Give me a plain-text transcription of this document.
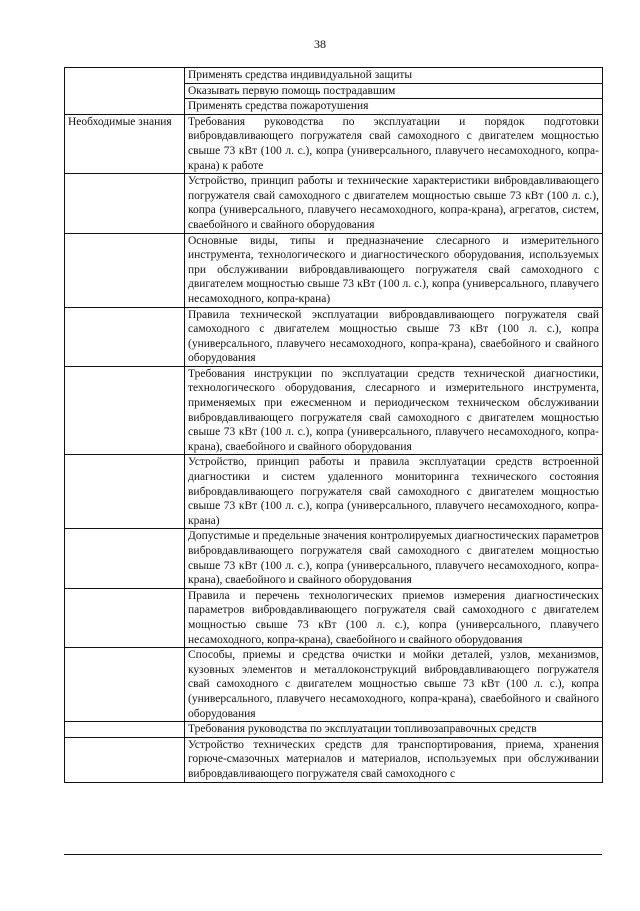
38
	Применять средства индивидуальной защиты
	Оказывать первую помощь пострадавшим
	Применять средства пожаротушения
Необходимые знания	Требования руководства по эксплуатации и порядок подготовки вибровдавливающего погружателя свай самоходного с двигателем мощностью свыше 73 кВт (100 л. с.), копра (универсального, плавучего несамоходного, копра-крана) к работе
	Устройство, принцип работы и технические характеристики вибровдавливающего погружателя свай самоходного с двигателем мощностью свыше 73 кВт (100 л. с.), копра (универсального, плавучего несамоходного, копра-крана), агрегатов, систем, сваебойного и свайного оборудования
	Основные виды, типы и предназначение слесарного и измерительного инструмента, технологического и диагностического оборудования, используемых при обслуживании вибровдавливающего погружателя свай самоходного с двигателем мощностью свыше 73 кВт (100 л. с.), копра (универсального, плавучего несамоходного, копра-крана)
	Правила технической эксплуатации вибровдавливающего погружателя свай самоходного с двигателем мощностью свыше 73 кВт (100 л. с.), копра (универсального, плавучего несамоходного, копра-крана), сваебойного и свайного оборудования
	Требования инструкции по эксплуатации средств технической диагностики, технологического оборудования, слесарного и измерительного инструмента, применяемых при ежесменном и периодическом техническом обслуживании вибровдавливающего погружателя свай самоходного с двигателем мощностью свыше 73 кВт (100 л. с.), копра (универсального, плавучего несамоходного, копра-крана), сваебойного и свайного оборудования
	Устройство, принцип работы и правила эксплуатации средств встроенной диагностики и систем удаленного мониторинга технического состояния вибровдавливающего погружателя свай самоходного с двигателем мощностью свыше 73 кВт (100 л. с.), копра (универсального, плавучего несамоходного, копра-крана)
	Допустимые и предельные значения контролируемых диагностических параметров вибровдавливающего погружателя свай самоходного с двигателем мощностью свыше 73 кВт (100 л. с.), копра (универсального, плавучего несамоходного, копра-крана), сваебойного и свайного оборудования
	Правила и перечень технологических приемов измерения диагностических параметров вибровдавливающего погружателя свай самоходного с двигателем мощностью свыше 73 кВт (100 л. с.), копра (универсального, плавучего несамоходного, копра-крана), сваебойного и свайного оборудования
	Способы, приемы и средства очистки и мойки деталей, узлов, механизмов, кузовных элементов и металлоконструкций вибровдавливающего погружателя свай самоходного с двигателем мощностью свыше 73 кВт (100 л. с.), копра (универсального, плавучего несамоходного, копра-крана), сваебойного и свайного оборудования
	Требования руководства по эксплуатации топливозаправочных средств
	Устройство технических средств для транспортирования, приема, хранения горюче-смазочных материалов и материалов, используемых при обслуживании вибровдавливающего погружателя свай самоходного с
